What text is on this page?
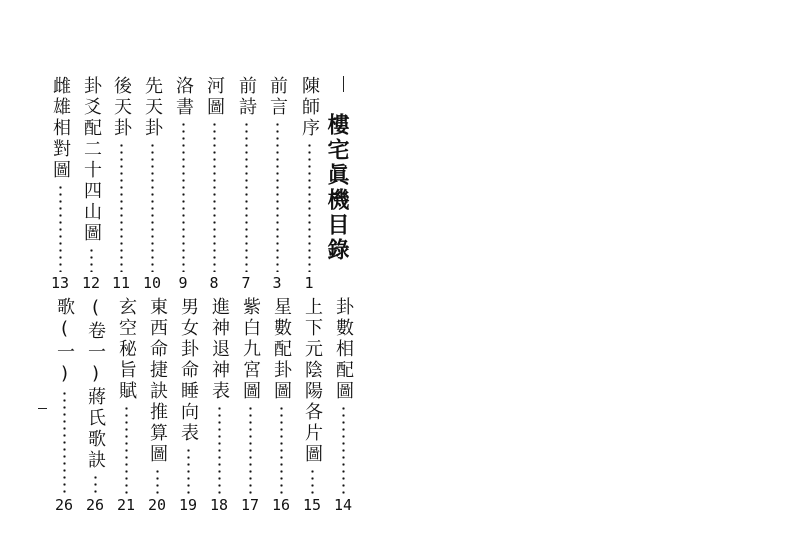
樓宅眞機目錄
陳師序
1
前言
3
前詩
7
河圖
8
洛書
9
先天卦
10
後天卦
11
卦爻配二十四山圖
12
雌雄相對圖
13
卦數相配圖
14
上下元陰陽各片圖
15
星數配卦圖
16
紫白九宮圖
17
進神退神表
18
男女卦命睡向表
19
東西命捷訣推算圖
20
玄空秘旨賦
21
(卷一)蔣氏歌訣
26
歌(一)
26
